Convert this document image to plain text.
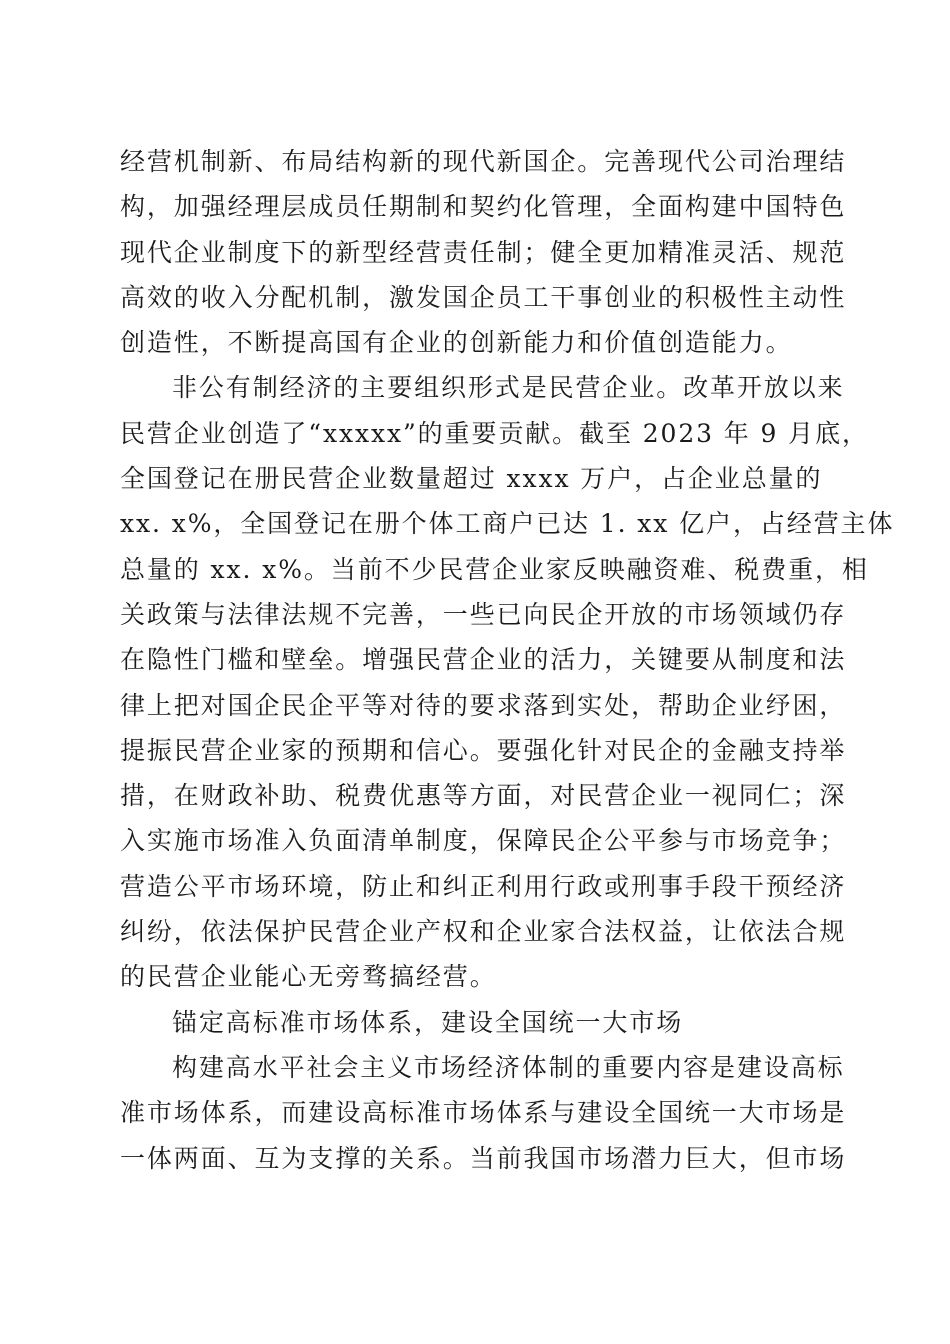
经营机制新、布局结构新的现代新国企。完善现代公司治理结
构，加强经理层成员任期制和契约化管理，全面构建中国特色
现代企业制度下的新型经营责任制；健全更加精准灵活、规范
高效的收入分配机制，激发国企员工干事创业的积极性主动性
创造性，不断提高国有企业的创新能力和价值创造能力。
非公有制经济的主要组织形式是民营企业。改革开放以来
民营企业创造了“xxxxx”的重要贡献。截至 2023 年 9 月底，
全国登记在册民营企业数量超过 xxxx 万户，占企业总量的
xx. x%，全国登记在册个体工商户已达 1. xx 亿户，占经营主体
总量的 xx. x%。当前不少民营企业家反映融资难、税费重，相
关政策与法律法规不完善，一些已向民企开放的市场领域仍存
在隐性门槛和壁垒。增强民营企业的活力，关键要从制度和法
律上把对国企民企平等对待的要求落到实处，帮助企业纾困，
提振民营企业家的预期和信心。要强化针对民企的金融支持举
措，在财政补助、税费优惠等方面，对民营企业一视同仁；深
入实施市场准入负面清单制度，保障民企公平参与市场竞争；
营造公平市场环境，防止和纠正利用行政或刑事手段干预经济
纠纷，依法保护民营企业产权和企业家合法权益，让依法合规
的民营企业能心无旁骛搞经营。
锚定高标准市场体系，建设全国统一大市场
构建高水平社会主义市场经济体制的重要内容是建设高标
准市场体系，而建设高标准市场体系与建设全国统一大市场是
一体两面、互为支撑的关系。当前我国市场潜力巨大，但市场
